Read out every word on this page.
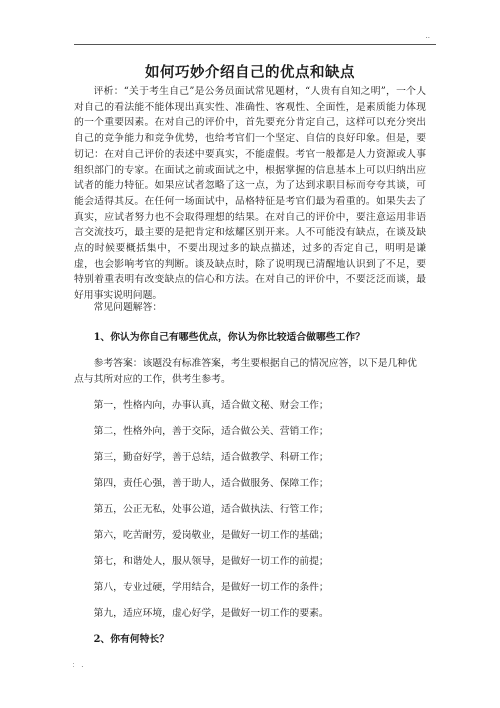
..
如何巧妙介绍自己的优点和缺点

评析：“关于考生自己”是公务员面试常见题材，“人贵有自知之明”，一个人对自己的看法能不能体现出真实性、准确性、客观性、全面性，是素质能力体现的一个重要因素。在对自己的评价中，首先要充分肯定自己，这样可以充分突出自己的竞争能力和竞争优势，也给考官们一个坚定、自信的良好印象。但是，要切记：在对自己评价的表述中要真实，不能虚假。考官一般都是人力资源或人事组织部门的专家。在面试之前或面试之中，根据掌握的信息基本上可以归纳出应试者的能力特征。如果应试者忽略了这一点，为了达到求职目标而夸夸其谈，可能会适得其反。在任何一场面试中，品格特征是考官们最为看重的。如果失去了真实，应试者努力也不会取得理想的结果。在对自己的评价中，要注意运用非语言交流技巧，最主要的是把肯定和炫耀区别开来。人不可能没有缺点，在谈及缺点的时候要概括集中，不要出现过多的缺点描述，过多的否定自己，明明是谦虚，也会影响考官的判断。谈及缺点时，除了说明现已清醒地认识到了不足，要特别着重表明有改变缺点的信心和方法。在对自己的评价中，不要泛泛而谈，最好用事实说明问题。

常见问题解答：

1、你认为你自己有哪些优点，你认为你比较适合做哪些工作？

参考答案：该题没有标准答案，考生要根据自己的情况应答，以下是几种优点与其所对应的工作，供考生参考。

第一，性格内向，办事认真，适合做文秘、财会工作；

第二，性格外向，善于交际，适合做公关、营销工作；

第三，勤奋好学，善于总结，适合做教学、科研工作；

第四，责任心强，善于助人，适合做服务、保障工作；

第五，公正无私，处事公道，适合做执法、行管工作；

第六，吃苦耐劳，爱岗敬业，是做好一切工作的基础；

第七，和谐处人，服从领导，是做好一切工作的前提；

第八，专业过硬，学用结合，是做好一切工作的条件；

第九，适应环境，虚心好学，是做好一切工作的要素。

2、你有何特长？

： .
